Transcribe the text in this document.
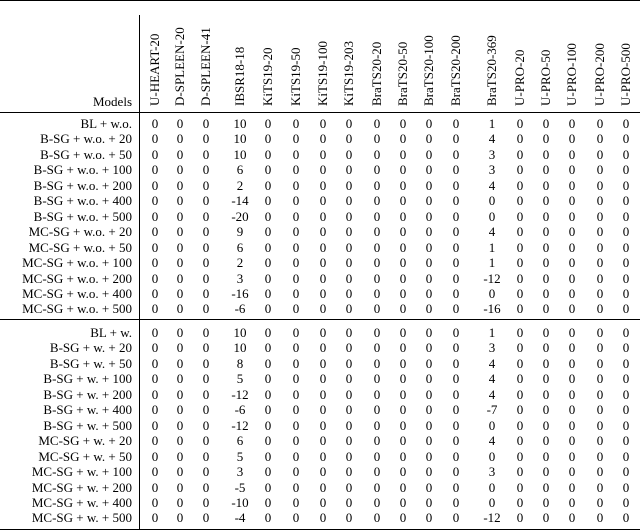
Models U-HEART-20 D-SPLEEN-20 D-SPLEEN-41 IBSR18-18 KiTS19-20 KiTS19-50 KiTS19-100 KiTS19-203 BraTS20-20 BraTS20-50 BraTS20-100 BraTS20-200 BraTS20-369 U-PRO-20 U-PRO-50 U-PRO-100 U-PRO-200 U-PRO-500
BL + w.o.	0	0	0	10	0	0	0	0	0	0	0	0	1	0	0	0	0	0
B-SG + w.o. + 20	0	0	0	10	0	0	0	0	0	0	0	0	4	0	0	0	0	0
B-SG + w.o. + 50	0	0	0	10	0	0	0	0	0	0	0	0	3	0	0	0	0	0
B-SG + w.o. + 100	0	0	0	6	0	0	0	0	0	0	0	0	3	0	0	0	0	0
B-SG + w.o. + 200	0	0	0	2	0	0	0	0	0	0	0	0	4	0	0	0	0	0
B-SG + w.o. + 400	0	0	0	-14	0	0	0	0	0	0	0	0	0	0	0	0	0	0
B-SG + w.o. + 500	0	0	0	-20	0	0	0	0	0	0	0	0	0	0	0	0	0	0
MC-SG + w.o. + 20	0	0	0	9	0	0	0	0	0	0	0	0	4	0	0	0	0	0
MC-SG + w.o. + 50	0	0	0	6	0	0	0	0	0	0	0	0	1	0	0	0	0	0
MC-SG + w.o. + 100	0	0	0	2	0	0	0	0	0	0	0	0	1	0	0	0	0	0
MC-SG + w.o. + 200	0	0	0	3	0	0	0	0	0	0	0	0	-12	0	0	0	0	0
MC-SG + w.o. + 400	0	0	0	-16	0	0	0	0	0	0	0	0	0	0	0	0	0	0
MC-SG + w.o. + 500	0	0	0	-6	0	0	0	0	0	0	0	0	-16	0	0	0	0	0
BL + w.	0	0	0	10	0	0	0	0	0	0	0	0	1	0	0	0	0	0
B-SG + w. + 20	0	0	0	10	0	0	0	0	0	0	0	0	3	0	0	0	0	0
B-SG + w. + 50	0	0	0	8	0	0	0	0	0	0	0	0	4	0	0	0	0	0
B-SG + w. + 100	0	0	0	5	0	0	0	0	0	0	0	0	4	0	0	0	0	0
B-SG + w. + 200	0	0	0	-12	0	0	0	0	0	0	0	0	4	0	0	0	0	0
B-SG + w. + 400	0	0	0	-6	0	0	0	0	0	0	0	0	-7	0	0	0	0	0
B-SG + w. + 500	0	0	0	-12	0	0	0	0	0	0	0	0	0	0	0	0	0	0
MC-SG + w. + 20	0	0	0	6	0	0	0	0	0	0	0	0	4	0	0	0	0	0
MC-SG + w. + 50	0	0	0	5	0	0	0	0	0	0	0	0	0	0	0	0	0	0
MC-SG + w. + 100	0	0	0	3	0	0	0	0	0	0	0	0	3	0	0	0	0	0
MC-SG + w. + 200	0	0	0	-5	0	0	0	0	0	0	0	0	0	0	0	0	0	0
MC-SG + w. + 400	0	0	0	-10	0	0	0	0	0	0	0	0	0	0	0	0	0	0
MC-SG + w. + 500	0	0	0	-4	0	0	0	0	0	0	0	0	-12	0	0	0	0	0
